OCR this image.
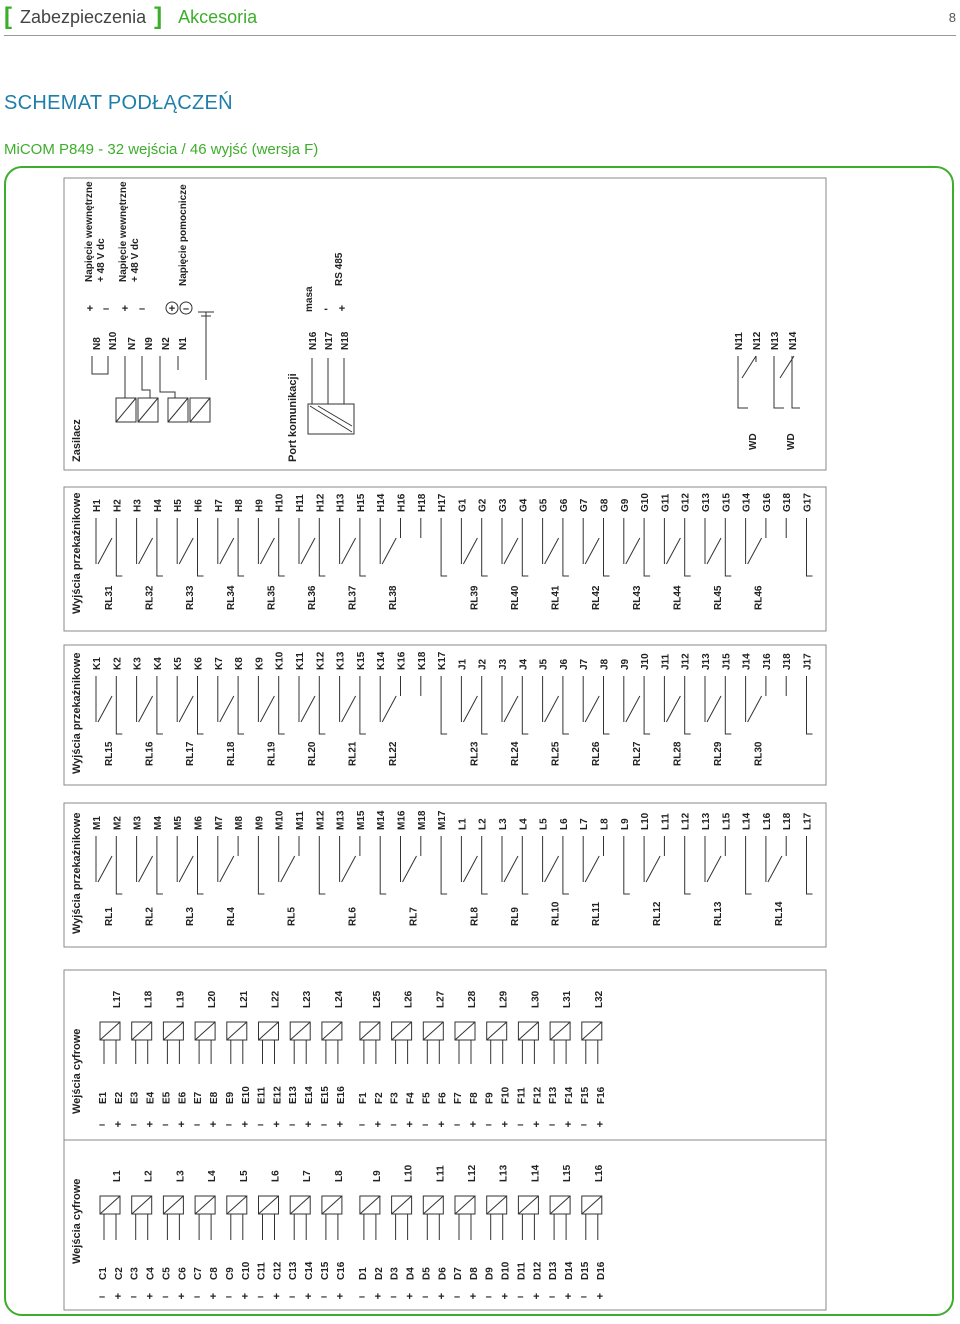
[ Zabezpieczenia ] Akcesoria	8
SCHEMAT PODŁĄCZEŃ
MiCOM P849 - 32 wejścia / 46 wyjść (wersja F)
Zasilacz
N8 N10 N7 N9 N2 N1
+ – + –
Napięcie wewnętrzne + 48 V dc Napięcie wewnętrzne + 48 V dc	Napięcie pomocnicze
+ –
Port komunikacji
N16 N17 N18
masa - +
RS 485
N11 N12 N13 N14
WD	WD
Wyjścia przekaźnikowe H1 H2
RL31
H3 H4
RL32
H5 H6
RL33
H7 H8
RL34
H9 H10
RL35
H11 H12
RL36
H13 H15
RL37
H14 H16 H18 H17
RL38
G1 G2
RL39
G3 G4
RL40
G5 G6
RL41
G7 G8
RL42
G9 G10
RL43
G11 G12
RL44
G13 G15
RL45
G14 G16 G18 G17
RL46
Wyjścia przekaźnikowe K1 K2
RL15
K3 K4
RL16
K5 K6
RL17
K7 K8
RL18
K9 K10
RL19
K11 K12
RL20
K13 K15
RL21
K14 K16 K18 K17
RL22
J1 J2
RL23
J3 J4
RL24
J5 J6
RL25
J7 J8
RL26
J9 J10
RL27
J11 J12
RL28
J13 J15
RL29
J14 J16 J18 J17
RL30
Wyjścia przekaźnikowe M1 M2
RL1
M3 M4
RL2
M5 M6
RL3
M7 M8 M9
RL4
M10 M11 M12
RL5
M13 M15 M14
RL6
M16 M18 M17
RL7
L1 L2
RL8
L3 L4
RL9
L5 L6
RL10
L7 L8 L9
RL11
L10 L11 L12
RL12
L13 L15 L14
RL13
L16 L18 L17
RL14
Wejścia cyfrowe
L17
E1 E2
– +
L18
E3 E4
– +
L19
E5 E6
– +
L20
E7 E8
– +
L21
E9 E10
– +
L22
E11 E12
– +
L23
E13 E14
– +
L24
E15 E16
– +
L25
F1 F2
– +
L26
F3 F4
– +
L27
F5 F6
– +
L28
F7 F8
– +
L29
F9 F10
– +
L30
F11 F12
– +
L31
F13 F14
– +
L32
F15 F16
– +
Wejścia cyfrowe
L1
C1 C2
– +
L2
C3 C4
– +
L3
C5 C6
– +
L4
C7 C8
– +
L5
C9 C10
– +
L6
C11 C12
– +
L7
C13 C14
– +
L8
C15 C16
– +
L9
D1 D2
– +
L10
D3 D4
– +
L11
D5 D6
– +
L12
D7 D8
– +
L13
D9 D10
– +
L14
D11 D12
– +
L15
D13 D14
– +
L16
D15 D16
– +
